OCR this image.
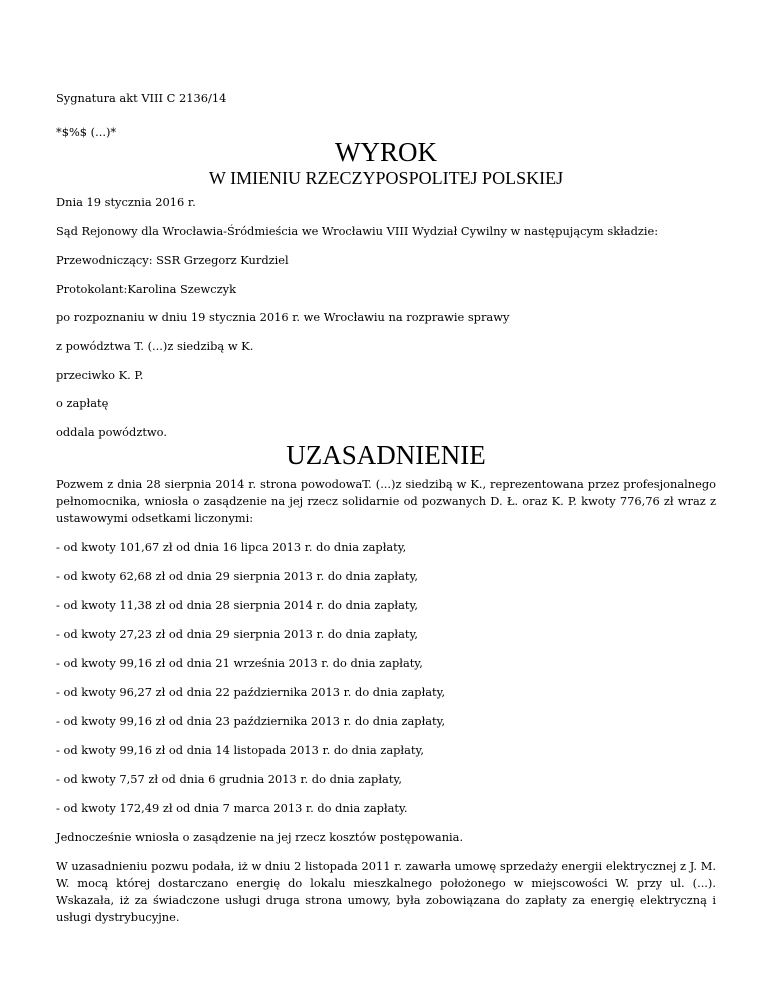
Sygnatura akt VIII C 2136/14
*$%$ (...)*
WYROK
W IMIENIU RZECZYPOSPOLITEJ POLSKIEJ
Dnia 19 stycznia 2016 r.
Sąd Rejonowy dla Wrocławia-Śródmieścia we Wrocławiu VIII Wydział Cywilny w następującym składzie:
Przewodniczący: SSR Grzegorz Kurdziel
Protokolant:Karolina Szewczyk
po rozpoznaniu w dniu 19 stycznia 2016 r. we Wrocławiu na rozprawie sprawy
z powództwa T. (...)z siedzibą w K.
przeciwko K. P.
o zapłatę
oddala powództwo.
UZASADNIENIE
Pozwem z dnia 28 sierpnia 2014 r. strona powodowaT. (...)z siedzibą w K., reprezentowana przez profesjonalnego pełnomocnika, wniosła o zasądzenie na jej rzecz solidarnie od pozwanych D. Ł. oraz K. P. kwoty 776,76 zł wraz z ustawowymi odsetkami liczonymi:
- od kwoty 101,67 zł od dnia 16 lipca 2013 r. do dnia zapłaty,
- od kwoty 62,68 zł od dnia 29 sierpnia 2013 r. do dnia zapłaty,
- od kwoty 11,38 zł od dnia 28 sierpnia 2014 r. do dnia zapłaty,
- od kwoty 27,23 zł od dnia 29 sierpnia 2013 r. do dnia zapłaty,
- od kwoty 99,16 zł od dnia 21 września 2013 r. do dnia zapłaty,
- od kwoty 96,27 zł od dnia 22 października 2013 r. do dnia zapłaty,
- od kwoty 99,16 zł od dnia 23 października 2013 r. do dnia zapłaty,
- od kwoty 99,16 zł od dnia 14 listopada 2013 r. do dnia zapłaty,
- od kwoty 7,57 zł od dnia 6 grudnia 2013 r. do dnia zapłaty,
- od kwoty 172,49 zł od dnia 7 marca 2013 r. do dnia zapłaty.
Jednocześnie wniosła o zasądzenie na jej rzecz kosztów postępowania.
W uzasadnieniu pozwu podała, iż w dniu 2 listopada 2011 r. zawarła umowę sprzedaży energii elektrycznej z J. M. W. mocą której dostarczano energię do lokalu mieszkalnego położonego w miejscowości W. przy ul. (...). Wskazała, iż za świadczone usługi druga strona umowy, była zobowiązana do zapłaty za energię elektryczną i usługi dystrybucyjne.
